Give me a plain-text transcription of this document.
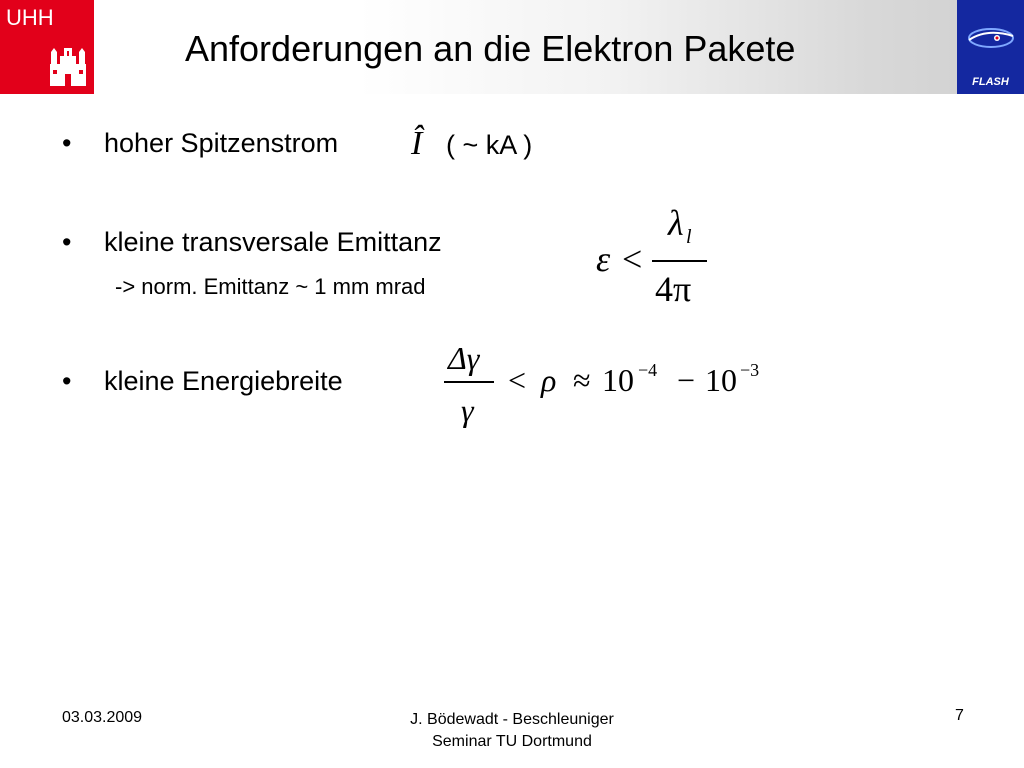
UHH
Anforderungen an die Elektron Pakete
FLASH
• hoher Spitzenstrom Î ( ~ kA )
• kleine transversale Emittanz
-> norm. Emittanz ~ 1 mm mrad
ε <
λ l
4π
• kleine Energiebreite
Δγ
γ
< ρ ≈ 10 −4 − 10 −3
03.03.2009	J. Bödewadt - Beschleuniger
Seminar TU Dortmund
7
